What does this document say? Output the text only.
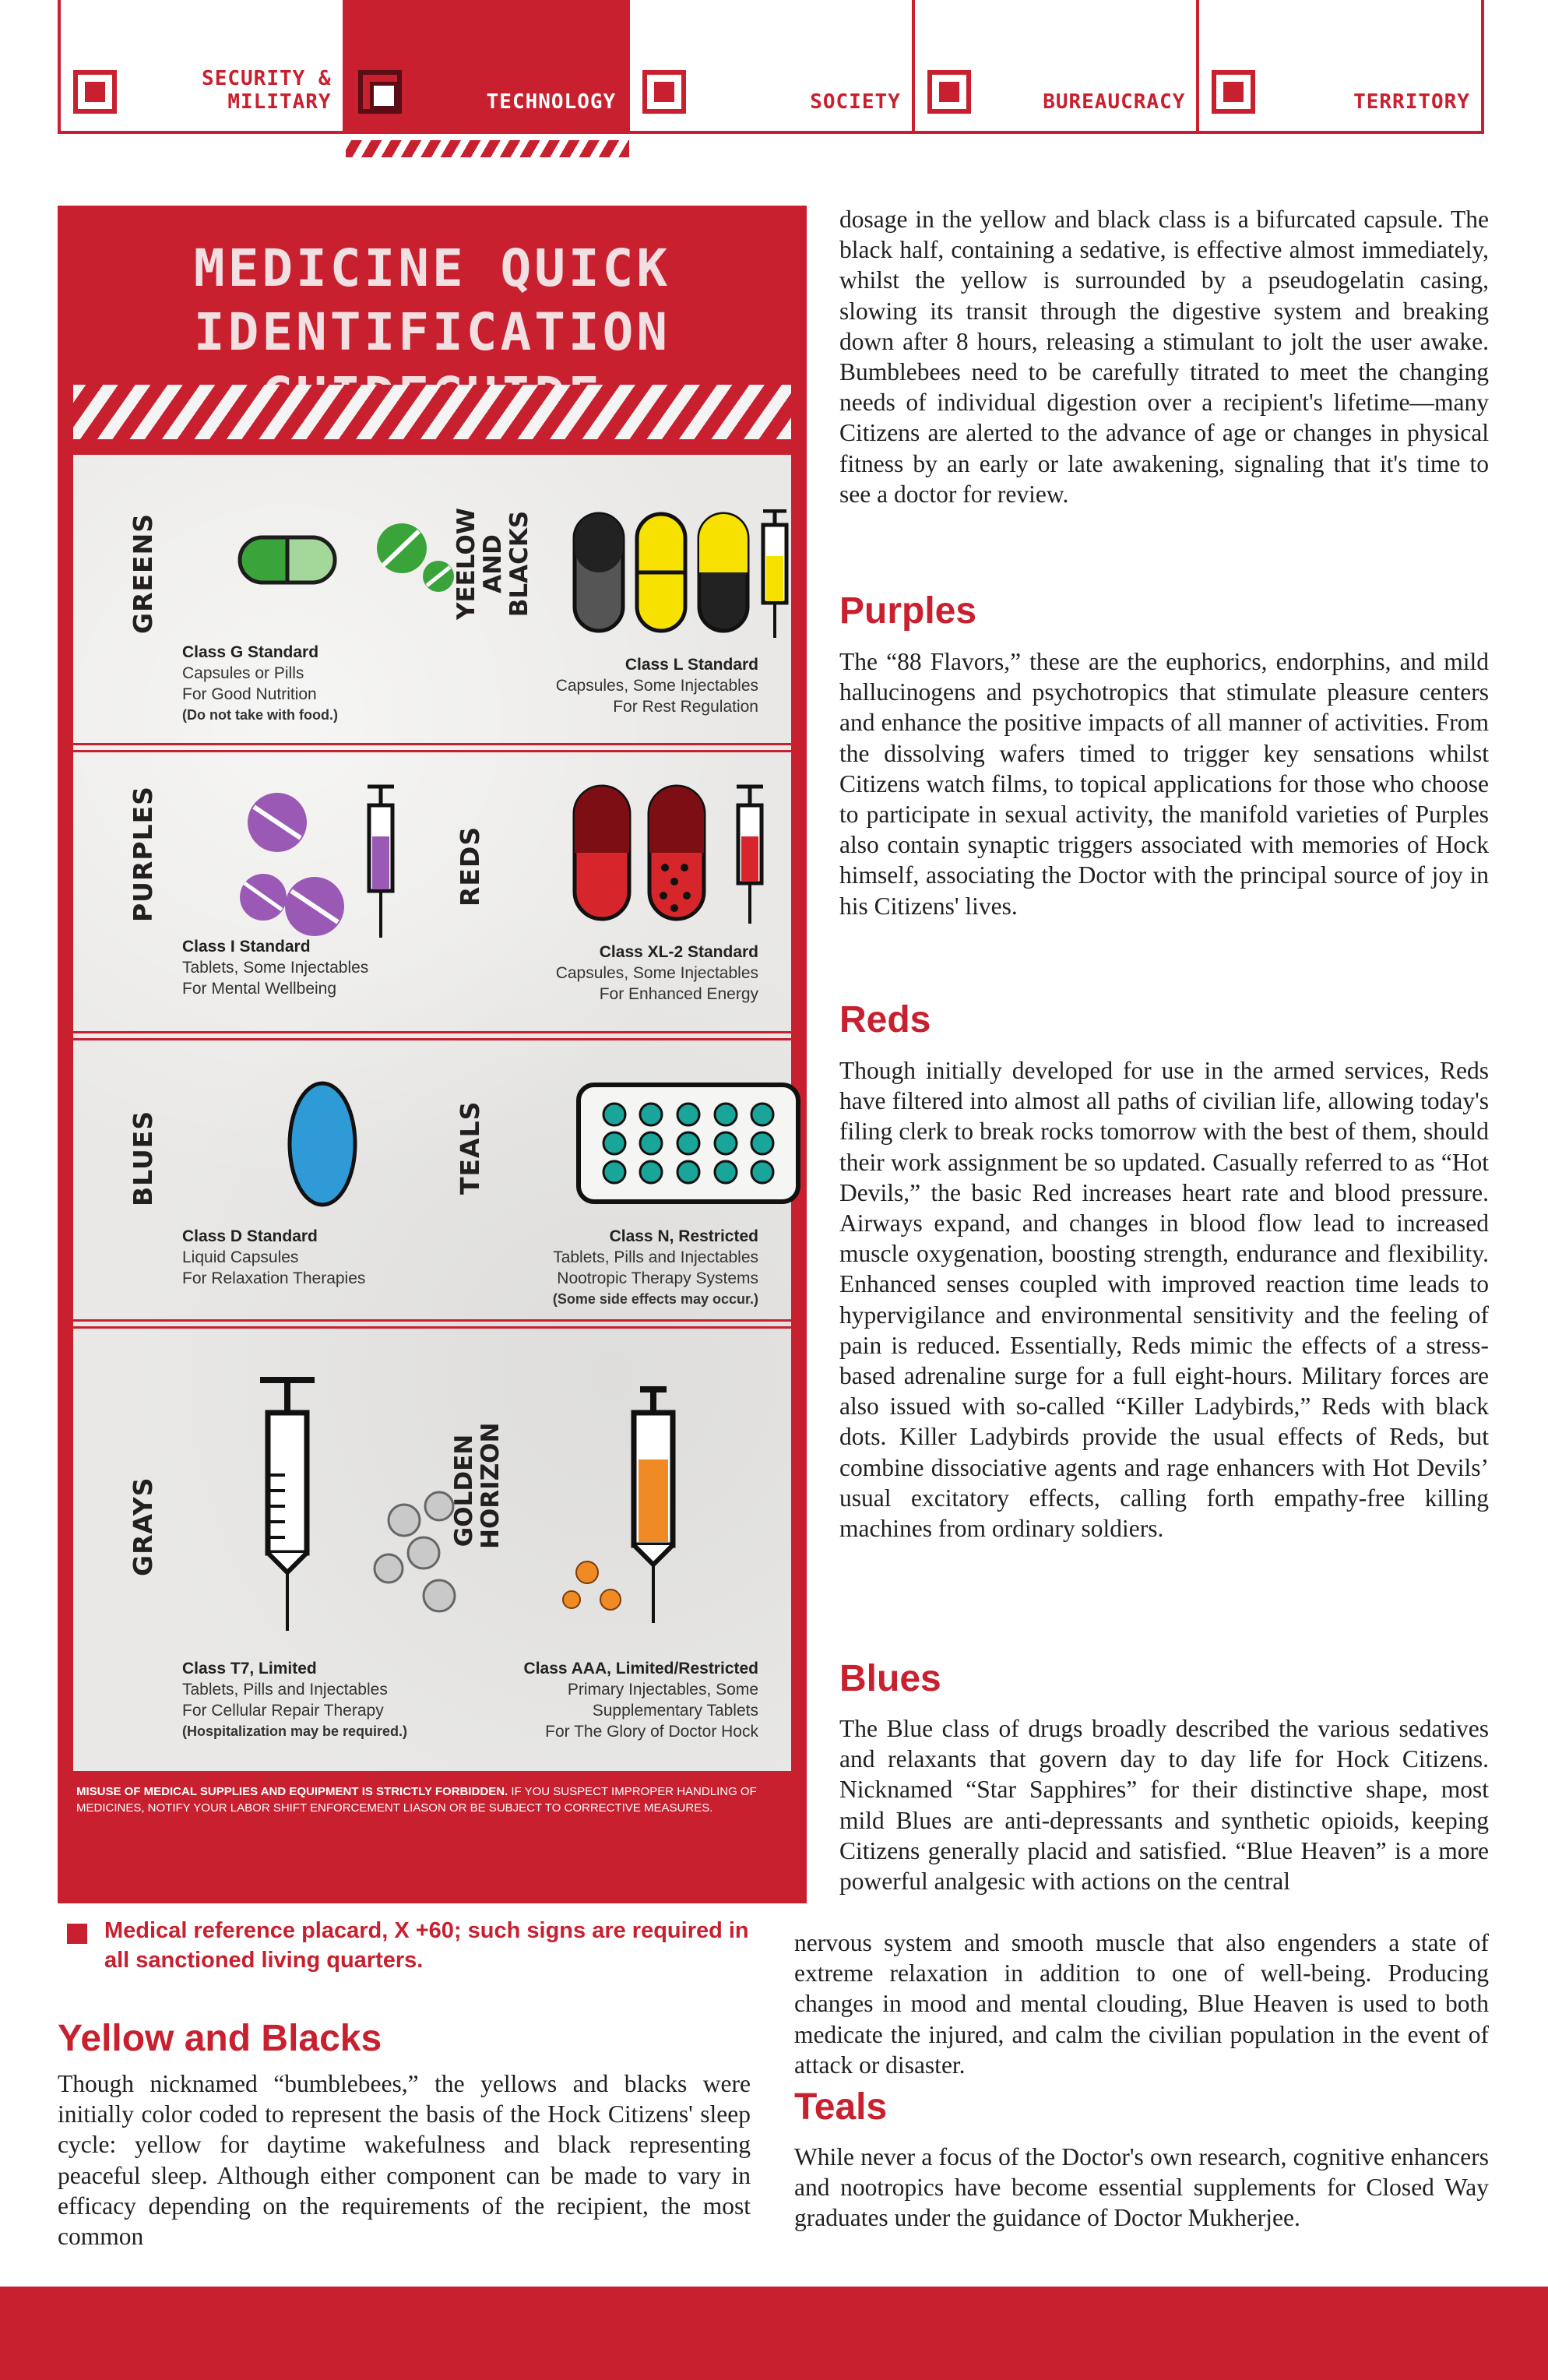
SECURITY &
MILITARY	TECHNOLOGY	SOCIETY	BUREAUCRACY	TERRITORY
MEDICINE QUICK
IDENTIFICATION
GREENS
Class G Standard
Capsules or Pills
For Good Nutrition
(Do not take with food.)
YEELOW AND BLACKS
Class L Standard
Capsules, Some Injectables
For Rest Regulation
PURPLES
Class I Standard
Tablets, Some Injectables
For Mental Wellbeing
REDS
Class XL-2 Standard
Capsules, Some Injectables
For Enhanced Energy
BLUES
Class D Standard
Liquid Capsules
For Relaxation Therapies
TEALS
Class N, Restricted
Tablets, Pills and Injectables
Nootropic Therapy Systems
(Some side effects may occur.)
GRAYS
Class T7, Limited
Tablets, Pills and Injectables
For Cellular Repair Therapy
(Hospitalization may be required.)
GOLDEN HORIZON
Class AAA, Limited/Restricted
Primary Injectables, Some
Supplementary Tablets
For The Glory of Doctor Hock
MISUSE OF MEDICAL SUPPLIES AND EQUIPMENT IS STRICTLY FORBIDDEN. IF YOU SUSPECT IMPROPER HANDLING OF MEDICINES, NOTIFY YOUR LABOR SHIFT ENFORCEMENT LIASON OR BE SUBJECT TO CORRECTIVE MEASURES.
Medical reference placard, X +60; such signs are required in all sanctioned living quarters.
Yellow and Blacks
Though nicknamed “bumblebees,” the yellows and blacks were initially color coded to represent the basis of the Hock Citizens' sleep cycle: yellow for daytime wakefulness and black representing peaceful sleep. Although either component can be made to vary in efficacy depending on the requirements of the recipient, the most common
dosage in the yellow and black class is a bifurcated capsule. The black half, containing a sedative, is effective almost immediately, whilst the yellow is surrounded by a pseudogelatin casing, slowing its transit through the digestive system and breaking down after 8 hours, releasing a stimulant to jolt the user awake. Bumblebees need to be carefully titrated to meet the changing needs of individual digestion over a recipient's lifetime—many Citizens are alerted to the advance of age or changes in physical fitness by an early or late awakening, signaling that it's time to see a doctor for review.
Purples
The “88 Flavors,” these are the euphorics, endorphins, and mild hallucinogens and psychotropics that stimulate pleasure centers and enhance the positive impacts of all manner of activities. From the dissolving wafers timed to trigger key sensations whilst Citizens watch films, to topical applications for those who choose to participate in sexual activity, the manifold varieties of Purples also contain synaptic triggers associated with memories of Hock himself, associating the Doctor with the principal source of joy in his Citizens' lives.
Reds
Though initially developed for use in the armed services, Reds have filtered into almost all paths of civilian life, allowing today's filing clerk to break rocks tomorrow with the best of them, should their work assignment be so updated. Casually referred to as “Hot Devils,” the basic Red increases heart rate and blood pressure. Airways expand, and changes in blood flow lead to increased muscle oxygenation, boosting strength, endurance and flexibility. Enhanced senses coupled with improved reaction time leads to hypervigilance and environmental sensitivity and the feeling of pain is reduced. Essentially, Reds mimic the effects of a stress-based adrenaline surge for a full eight-hours. Military forces are also issued with so-called “Killer Ladybirds,” Reds with black dots. Killer Ladybirds provide the usual effects of Reds, but combine dissociative agents and rage enhancers with Hot Devils’ usual excitatory effects, calling forth empathy-free killing machines from ordinary soldiers.
Blues
The Blue class of drugs broadly described the various sedatives and relaxants that govern day to day life for Hock Citizens. Nicknamed “Star Sapphires” for their distinctive shape, most mild Blues are anti-depressants and synthetic opioids, keeping Citizens generally placid and satisfied. “Blue Heaven” is a more powerful analgesic with actions on the central
nervous system and smooth muscle that also engenders a state of extreme relaxation in addition to one of well-being. Producing changes in mood and mental clouding, Blue Heaven is used to both medicate the injured, and calm the civilian population in the event of attack or disaster.
Teals
While never a focus of the Doctor's own research, cognitive enhancers and nootropics have become essential supplements for Closed Way graduates under the guidance of Doctor Mukherjee.
